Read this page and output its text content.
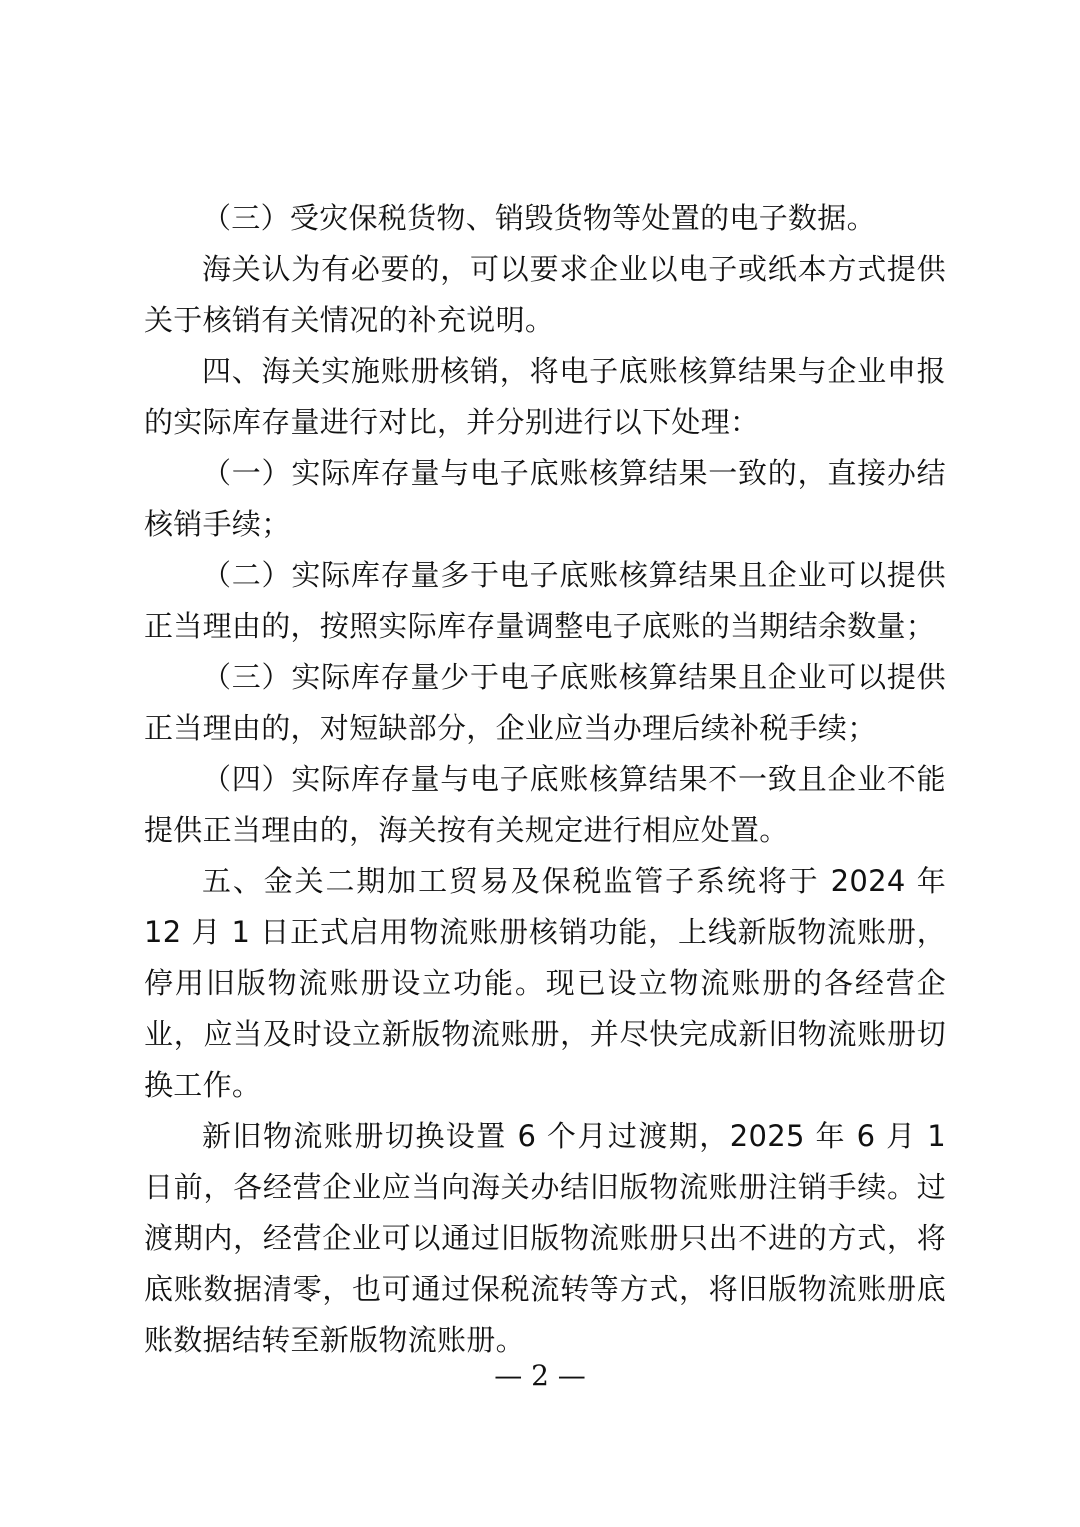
（三）受灾保税货物、销毁货物等处置的电子数据。

海关认为有必要的，可以要求企业以电子或纸本方式提供关于核销有关情况的补充说明。

四、海关实施账册核销，将电子底账核算结果与企业申报的实际库存量进行对比，并分别进行以下处理：

（一）实际库存量与电子底账核算结果一致的，直接办结核销手续；

（二）实际库存量多于电子底账核算结果且企业可以提供正当理由的，按照实际库存量调整电子底账的当期结余数量；

（三）实际库存量少于电子底账核算结果且企业可以提供正当理由的，对短缺部分，企业应当办理后续补税手续；

（四）实际库存量与电子底账核算结果不一致且企业不能提供正当理由的，海关按有关规定进行相应处置。

五、金关二期加工贸易及保税监管子系统将于 2024 年 12 月 1 日正式启用物流账册核销功能，上线新版物流账册，停用旧版物流账册设立功能。现已设立物流账册的各经营企业，应当及时设立新版物流账册，并尽快完成新旧物流账册切换工作。

新旧物流账册切换设置 6 个月过渡期，2025 年 6 月 1 日前，各经营企业应当向海关办结旧版物流账册注销手续。过渡期内，经营企业可以通过旧版物流账册只出不进的方式，将底账数据清零，也可通过保税流转等方式，将旧版物流账册底账数据结转至新版物流账册。

— 2 —
